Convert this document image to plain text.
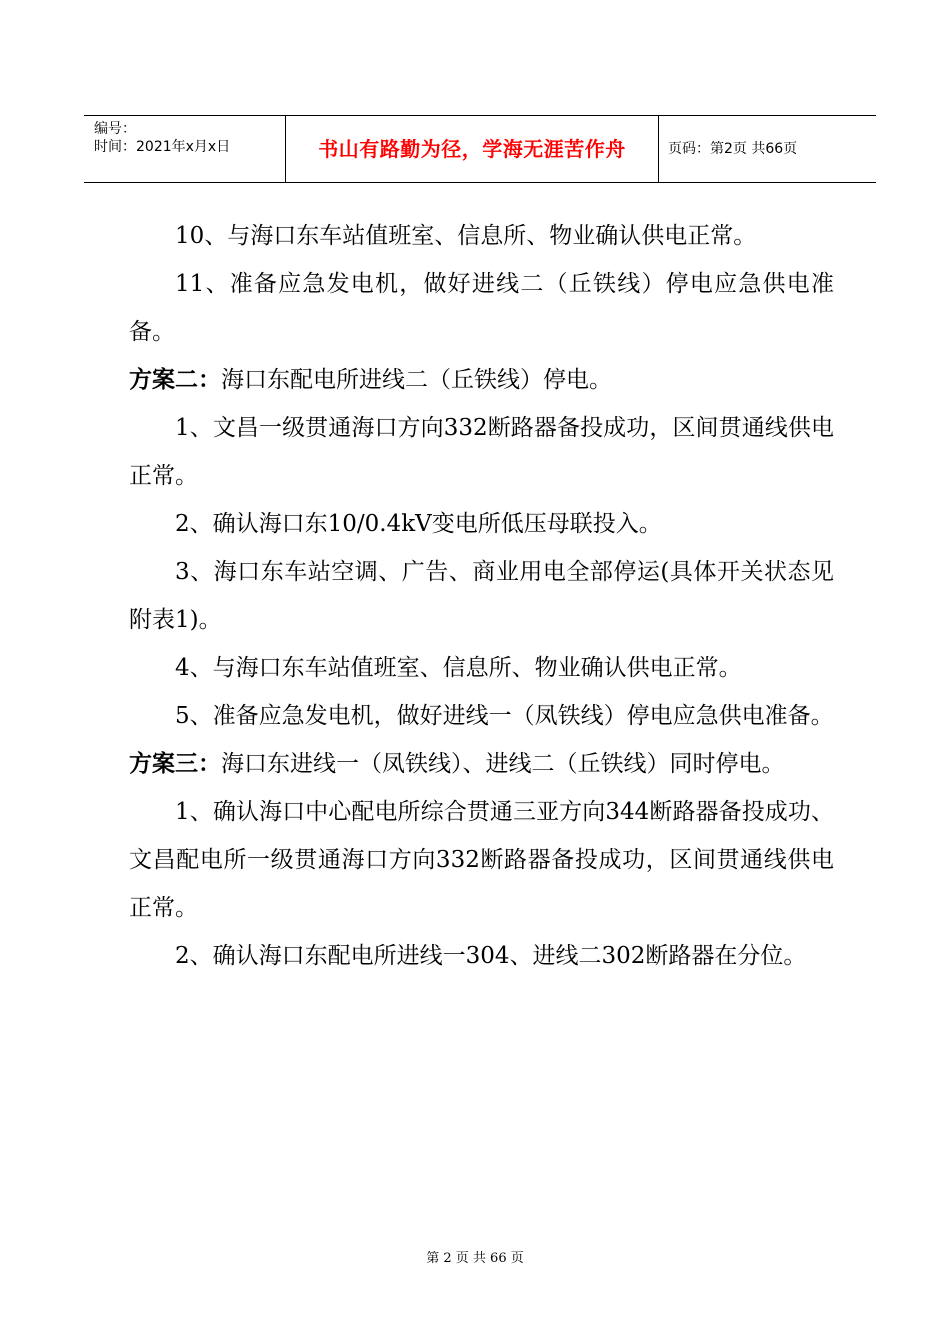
编号：
时间：2021年x月x日	书山有路勤为径，学海无涯苦作舟	页码：第2页 共66页

10、与海口东车站值班室、信息所、物业确认供电正常。

11、准备应急发电机，做好进线二（丘铁线）停电应急供电准备。

方案二：海口东配电所进线二（丘铁线）停电。

1、文昌一级贯通海口方向332断路器备投成功，区间贯通线供电正常。

2、确认海口东10/0.4kV变电所低压母联投入。

3、海口东车站空调、广告、商业用电全部停运(具体开关状态见附表1)。

4、与海口东车站值班室、信息所、物业确认供电正常。

5、准备应急发电机，做好进线一（凤铁线）停电应急供电准备。

方案三：海口东进线一（凤铁线）、进线二（丘铁线）同时停电。

1、确认海口中心配电所综合贯通三亚方向344断路器备投成功、文昌配电所一级贯通海口方向332断路器备投成功，区间贯通线供电正常。

2、确认海口东配电所进线一304、进线二302断路器在分位。

第 2 页 共 66 页
